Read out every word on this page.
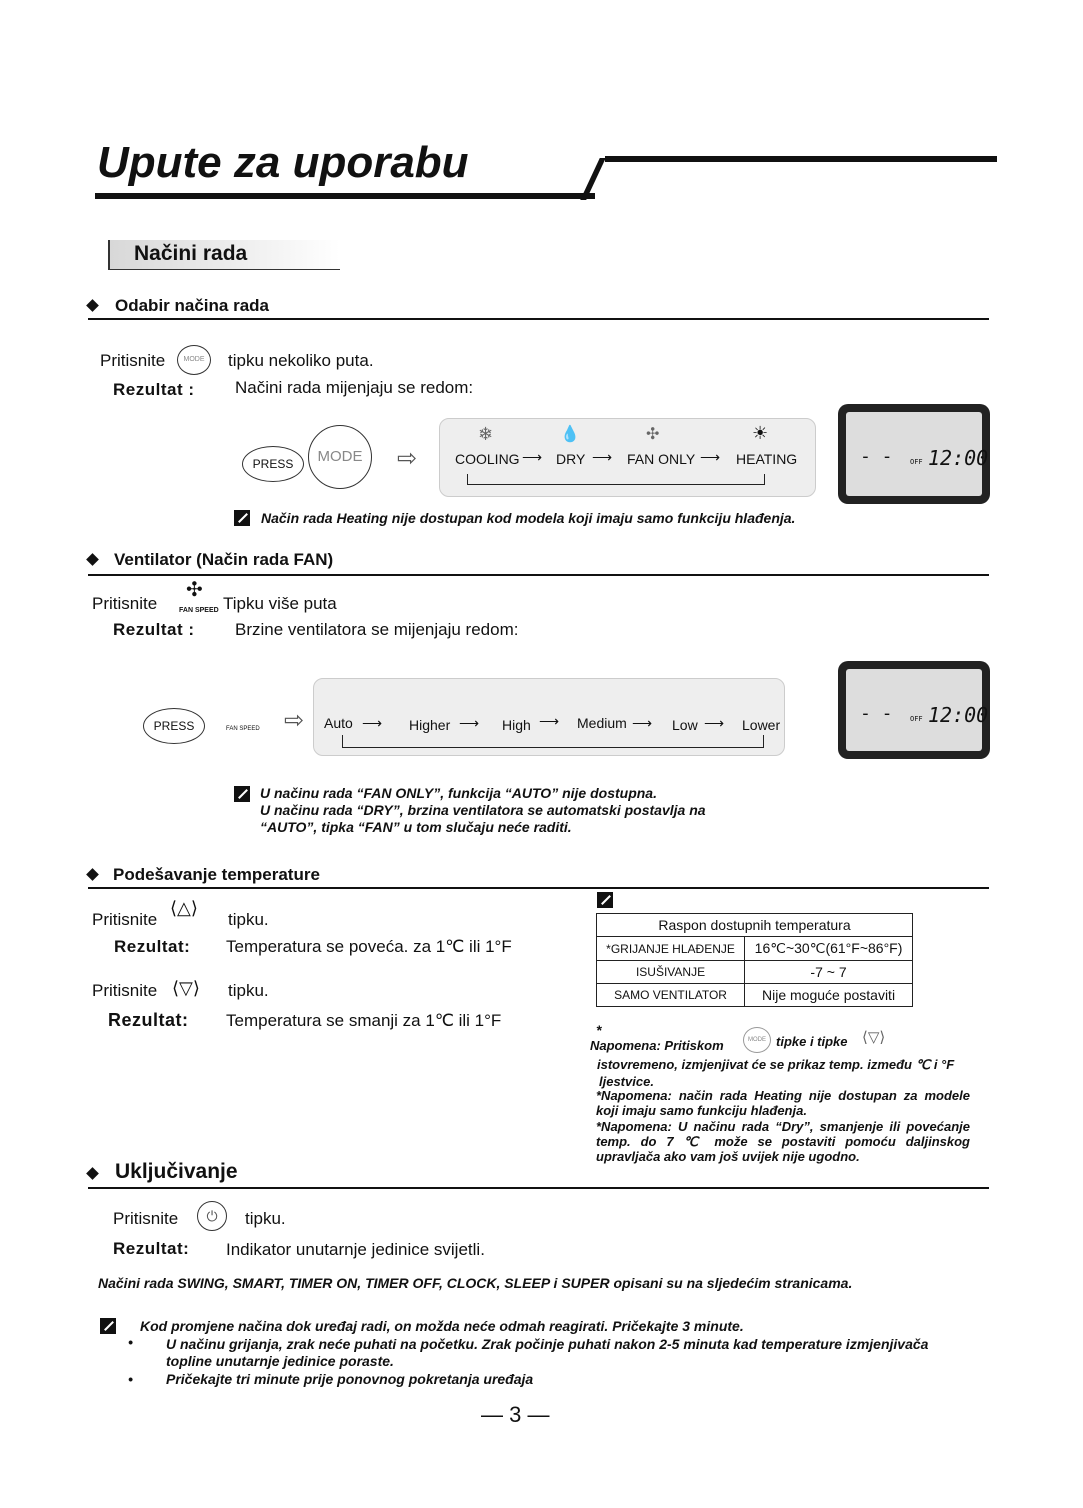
Upute za uporabu
Načini rada
Odabir načina rada
Pritisnite	MODE	tipku nekoliko puta.
Rezultat : Načini rada mijenjaju se redom:
PRESS	MODE	⇨
❄	💧	✣	☀
COOLING ⟶ DRY ⟶ FAN ONLY ⟶ HEATING	- - OFF 12:00
Način rada Heating nije dostupan kod modela koji imaju samo funkciju hlađenja.
Ventilator (Način rada FAN)
Pritisnite
✣
FAN SPEED Tipku više puta
Rezultat : Brzine ventilatora se mijenjaju redom:
PRESS	FAN SPEED ⇨ Auto ⟶ Higher ⟶ High ⟶ Medium ⟶ Low ⟶ Lower
- - OFF 12:00
U načinu rada “FAN ONLY”, funkcija “AUTO” nije dostupna.
U načinu rada “DRY”, brzina ventilatora se automatski postavlja na
“AUTO”, tipka “FAN” u tom slučaju neće raditi.
Podešavanje temperature
Pritisnite
⟨△⟩
tipku.
Rezultat: Temperatura se poveća. za 1℃ ili 1°F
Pritisnite ⟨▽⟩ tipku.
Rezultat: Temperatura se smanji za 1℃ ili 1°F
Raspon dostupnih temperatura	
*GRIJANJE HLAĐENJE	16℃~30℃(61°F~86°F)
ISUŠIVANJE	-7 ~ 7
SAMO VENTILATOR	Nije moguće postaviti
*
Napomena: Pritiskom	MODE tipke i tipke ⟨▽⟩
istovremeno, izmjenjivat će se prikaz temp. između ℃ i °F
ljestvice.
*Napomena: način rada Heating nije dostupan za modele koji imaju samo funkciju hlađenja.
*Napomena: U načinu rada “Dry”, smanjenje ili povećanje temp. do 7 ℃ može se postaviti pomoću daljinskog upravljača ako vam još uvijek nije ugodno.
Uključivanje
Pritisnite	⏻	tipku.
Rezultat: Indikator unutarnje jedinice svijetli.
Načini rada SWING, SMART, TIMER ON, TIMER OFF, CLOCK, SLEEP i SUPER opisani su na sljedećim stranicama.
Kod promjene načina dok uređaj radi, on možda neće odmah reagirati. Pričekajte 3 minute.
• U načinu grijanja, zrak neće puhati na početku. Zrak počinje puhati nakon 2-5 minuta kad temperature izmjenjivača
topline unutarnje jedinice poraste.
• Pričekajte tri minute prije ponovnog pokretanja uređaja
— 3 —
